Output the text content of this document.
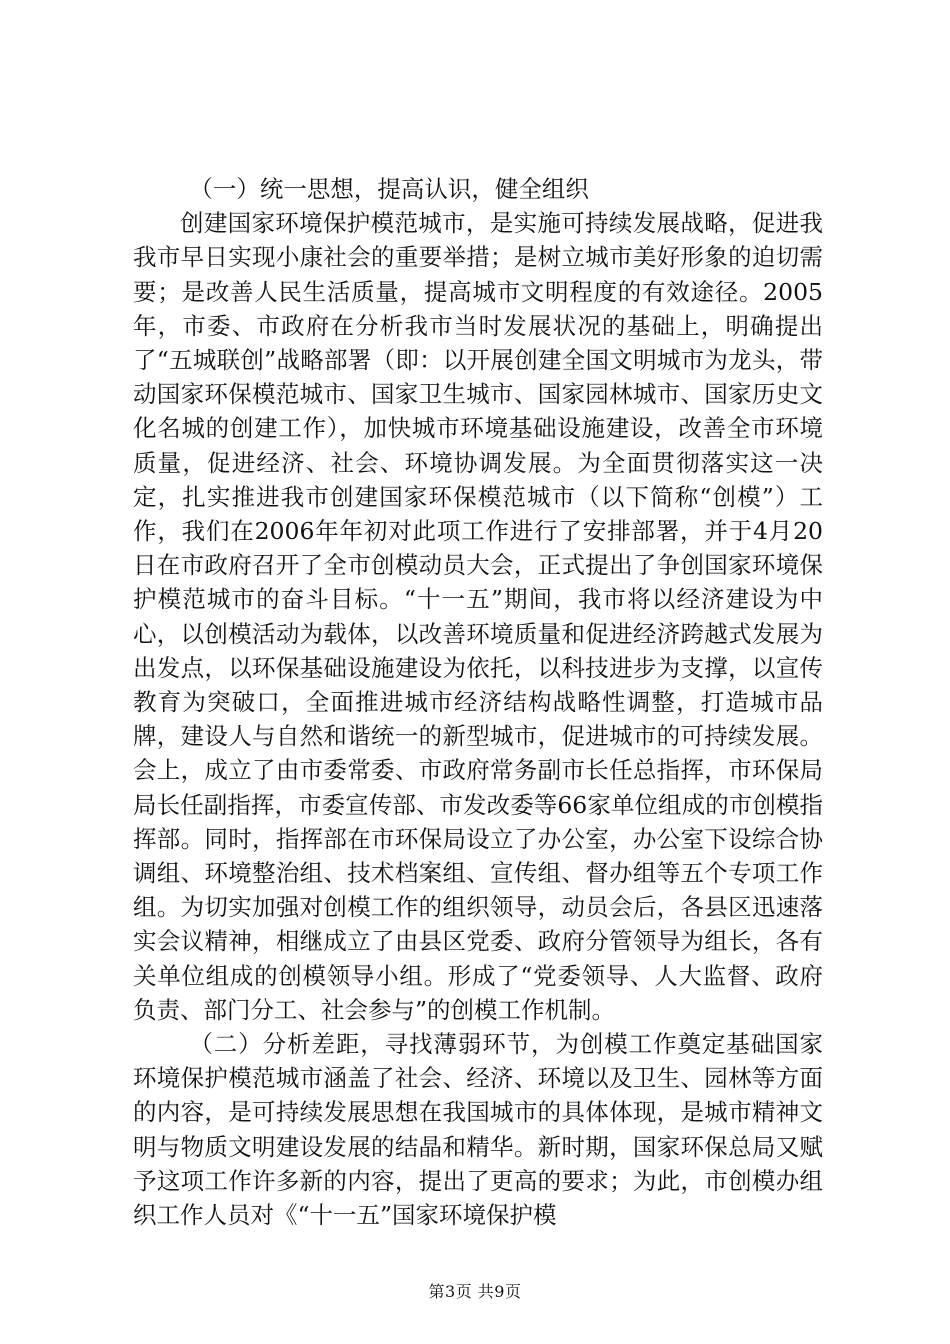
（一）统一思想，提高认识，健全组织

创建国家环境保护模范城市，是实施可持续发展战略，促进我我市早日实现小康社会的重要举措；是树立城市美好形象的迫切需要；是改善人民生活质量，提高城市文明程度的有效途径。2005年，市委、市政府在分析我市当时发展状况的基础上，明确提出了“五城联创”战略部署（即：以开展创建全国文明城市为龙头，带动国家环保模范城市、国家卫生城市、国家园林城市、国家历史文化名城的创建工作），加快城市环境基础设施建设，改善全市环境质量，促进经济、社会、环境协调发展。为全面贯彻落实这一决定，扎实推进我市创建国家环保模范城市（以下简称“创模”）工作，我们在2006年年初对此项工作进行了安排部署，并于4月20日在市政府召开了全市创模动员大会，正式提出了争创国家环境保护模范城市的奋斗目标。“十一五”期间，我市将以经济建设为中心，以创模活动为载体，以改善环境质量和促进经济跨越式发展为出发点，以环保基础设施建设为依托，以科技进步为支撑，以宣传教育为突破口，全面推进城市经济结构战略性调整，打造城市品牌，建设人与自然和谐统一的新型城市，促进城市的可持续发展。会上，成立了由市委常委、市政府常务副市长任总指挥，市环保局局长任副指挥，市委宣传部、市发改委等66家单位组成的市创模指挥部。同时，指挥部在市环保局设立了办公室，办公室下设综合协调组、环境整治组、技术档案组、宣传组、督办组等五个专项工作组。为切实加强对创模工作的组织领导，动员会后，各县区迅速落实会议精神，相继成立了由县区党委、政府分管领导为组长，各有关单位组成的创模领导小组。形成了“党委领导、人大监督、政府负责、部门分工、社会参与”的创模工作机制。

（二）分析差距，寻找薄弱环节，为创模工作奠定基础国家环境保护模范城市涵盖了社会、经济、环境以及卫生、园林等方面的内容，是可持续发展思想在我国城市的具体体现，是城市精神文明与物质文明建设发展的结晶和精华。新时期，国家环保总局又赋予这项工作许多新的内容，提出了更高的要求；为此，市创模办组织工作人员对《“十一五”国家环境保护模

第3页 共9页
